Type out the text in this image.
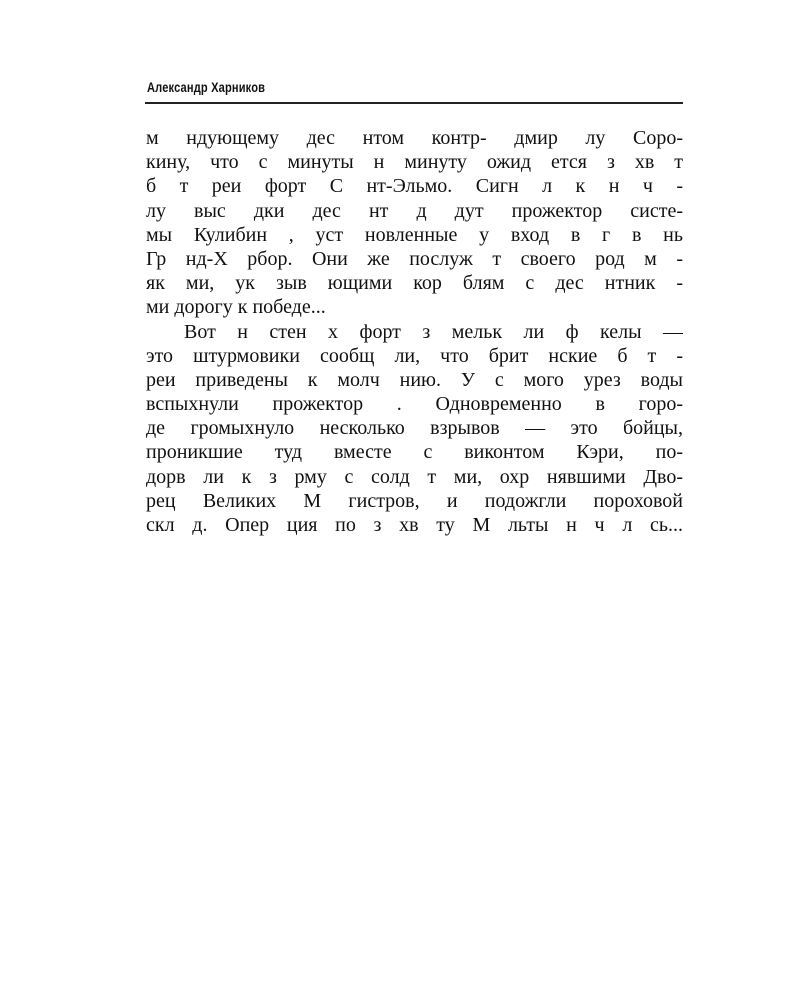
Александр Харников
м ндующему дес нтом контр- дмир лу Соро-
кину, что с минуты н минуту ожид ется з хв т
б т реи форт С нт-Эльмо. Сигн л к н ч -
лу выс дки дес нт д дут прожектор систе-
мы Кулибин , уст новленные у вход в г в нь
Гр нд-Х рбор. Они же послуж т своего род м -
як ми, ук зыв ющими кор блям с дес нтник -
ми дорогу к победе...
Вот н стен х форт з мельк ли ф келы —
это штурмовики сообщ ли, что брит нские б т -
реи приведены к молч нию. У с мого урез воды
вспыхнули прожектор . Одновременно в горо-
де громыхнуло несколько взрывов — это бойцы,
проникшие туд вместе с виконтом Кэри, по-
дорв ли к з рму с солд т ми, охр нявшими Дво-
рец Великих М гистров, и подожгли пороховой
скл д. Опер ция по з хв ту М льты н ч л сь...
